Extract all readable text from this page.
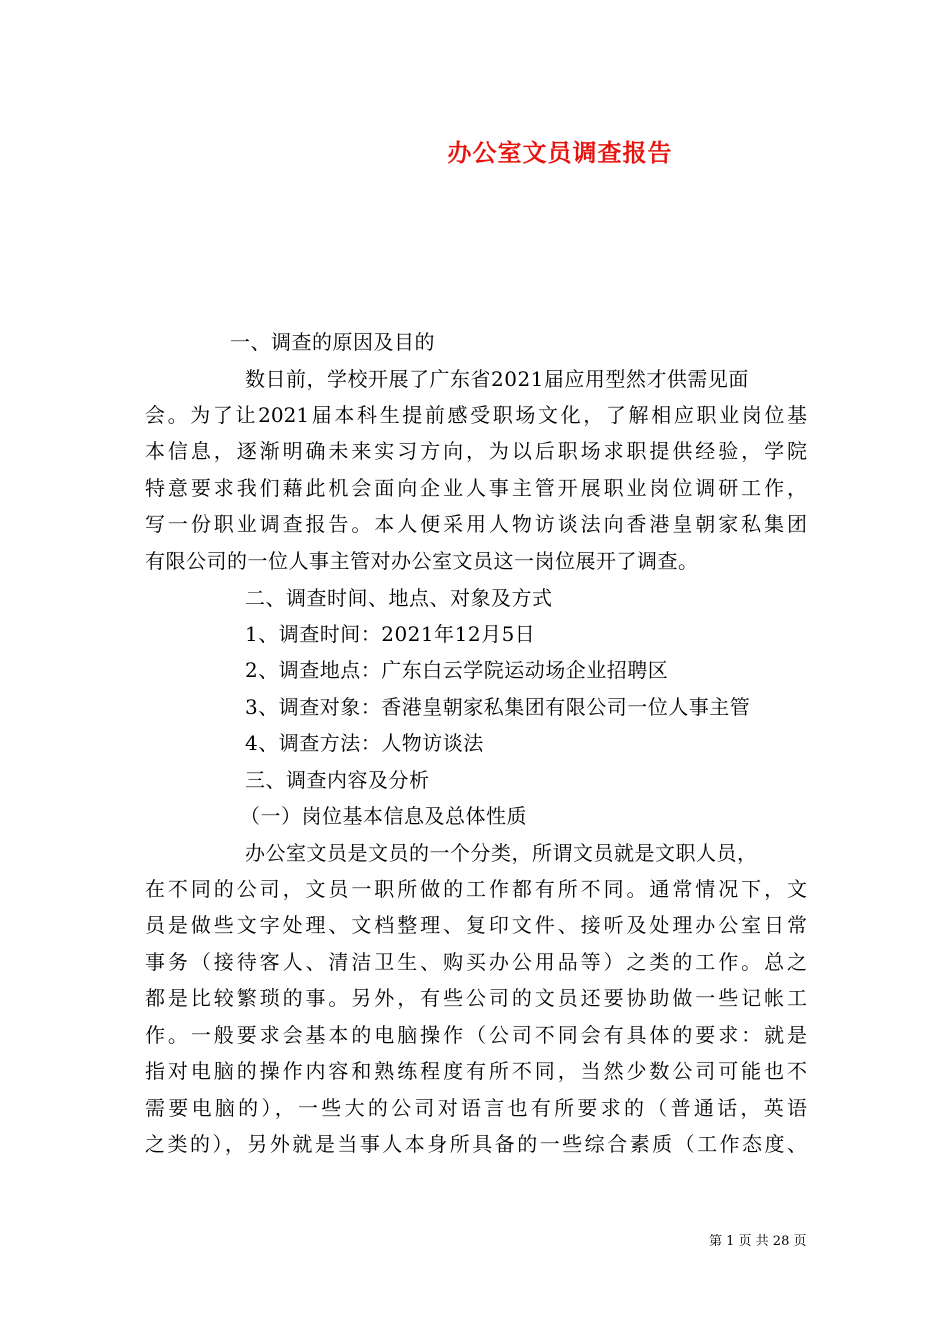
办公室文员调查报告
一、调查的原因及目的
数日前，学校开展了广东省2021届应用型然才供需见面
会。为了让2021届本科生提前感受职场文化，了解相应职业岗位基
本信息，逐渐明确未来实习方向，为以后职场求职提供经验，学院
特意要求我们藉此机会面向企业人事主管开展职业岗位调研工作，
写一份职业调查报告。本人便采用人物访谈法向香港皇朝家私集团
有限公司的一位人事主管对办公室文员这一岗位展开了调查。
二、调查时间、地点、对象及方式
1、调查时间：2021年12月5日
2、调查地点：广东白云学院运动场企业招聘区
3、调查对象：香港皇朝家私集团有限公司一位人事主管
4、调查方法：人物访谈法
三、调查内容及分析
（一）岗位基本信息及总体性质
办公室文员是文员的一个分类，所谓文员就是文职人员，
在不同的公司，文员一职所做的工作都有所不同。通常情况下，文
员是做些文字处理、文档整理、复印文件、接听及处理办公室日常
事务（接待客人、清洁卫生、购买办公用品等）之类的工作。总之
都是比较繁琐的事。另外，有些公司的文员还要协助做一些记帐工
作。一般要求会基本的电脑操作（公司不同会有具体的要求：就是
指对电脑的操作内容和熟练程度有所不同，当然少数公司可能也不
需要电脑的），一些大的公司对语言也有所要求的（普通话，英语
之类的），另外就是当事人本身所具备的一些综合素质（工作态度、
第 1 页 共 28 页
